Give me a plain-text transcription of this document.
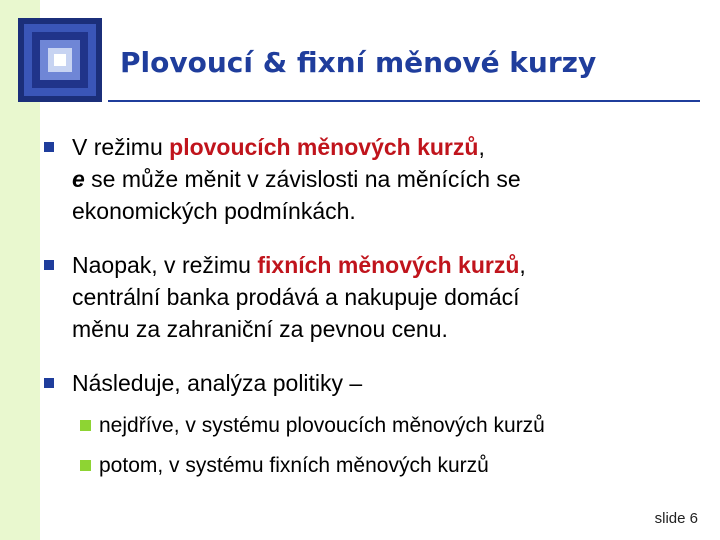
Plovoucí & fixní měnové kurzy
V režimu plovoucích měnových kurzů,
e se může měnit v závislosti na měnících se
ekonomických podmínkách.
Naopak, v režimu fixních měnových kurzů,
centrální banka prodává a nakupuje domácí
měnu za zahraniční za pevnou cenu.
Následuje, analýza politiky –
nejdříve, v systému plovoucích měnových kurzů
potom, v systému fixních měnových kurzů
slide 6
